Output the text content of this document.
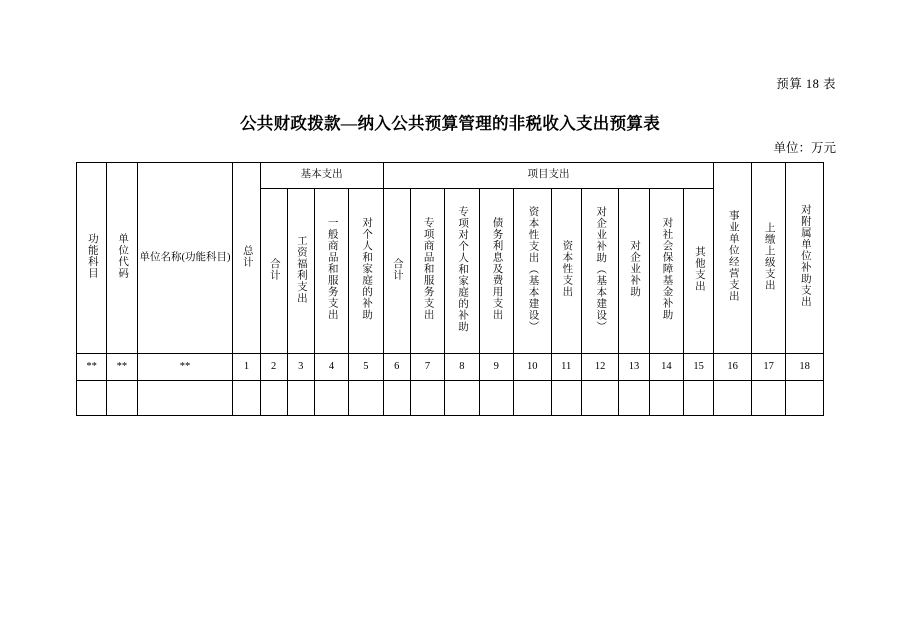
预算 18 表
公共财政拨款—纳入公共预算管理的非税收入支出预算表
单位：万元
功能科目	单位代码	单位名称(功能科目)	总计	基本支出				项目支出										事业单位经营支出	上缴上级支出	对附属单位补助支出
				合计	工资福利支出	一般商品和服务支出	对个人和家庭的补助	合计	专项商品和服务支出	专项对个人和家庭的补助	债务利息及费用支出	资本性支出（基本建设）	资本性支出	对企业补助（基本建设）	对企业补助	对社会保障基金补助	其他支出			
**	**	**	1	2	3	4	5	6	7	8	9	10	11	12	13	14	15	16	17	18
